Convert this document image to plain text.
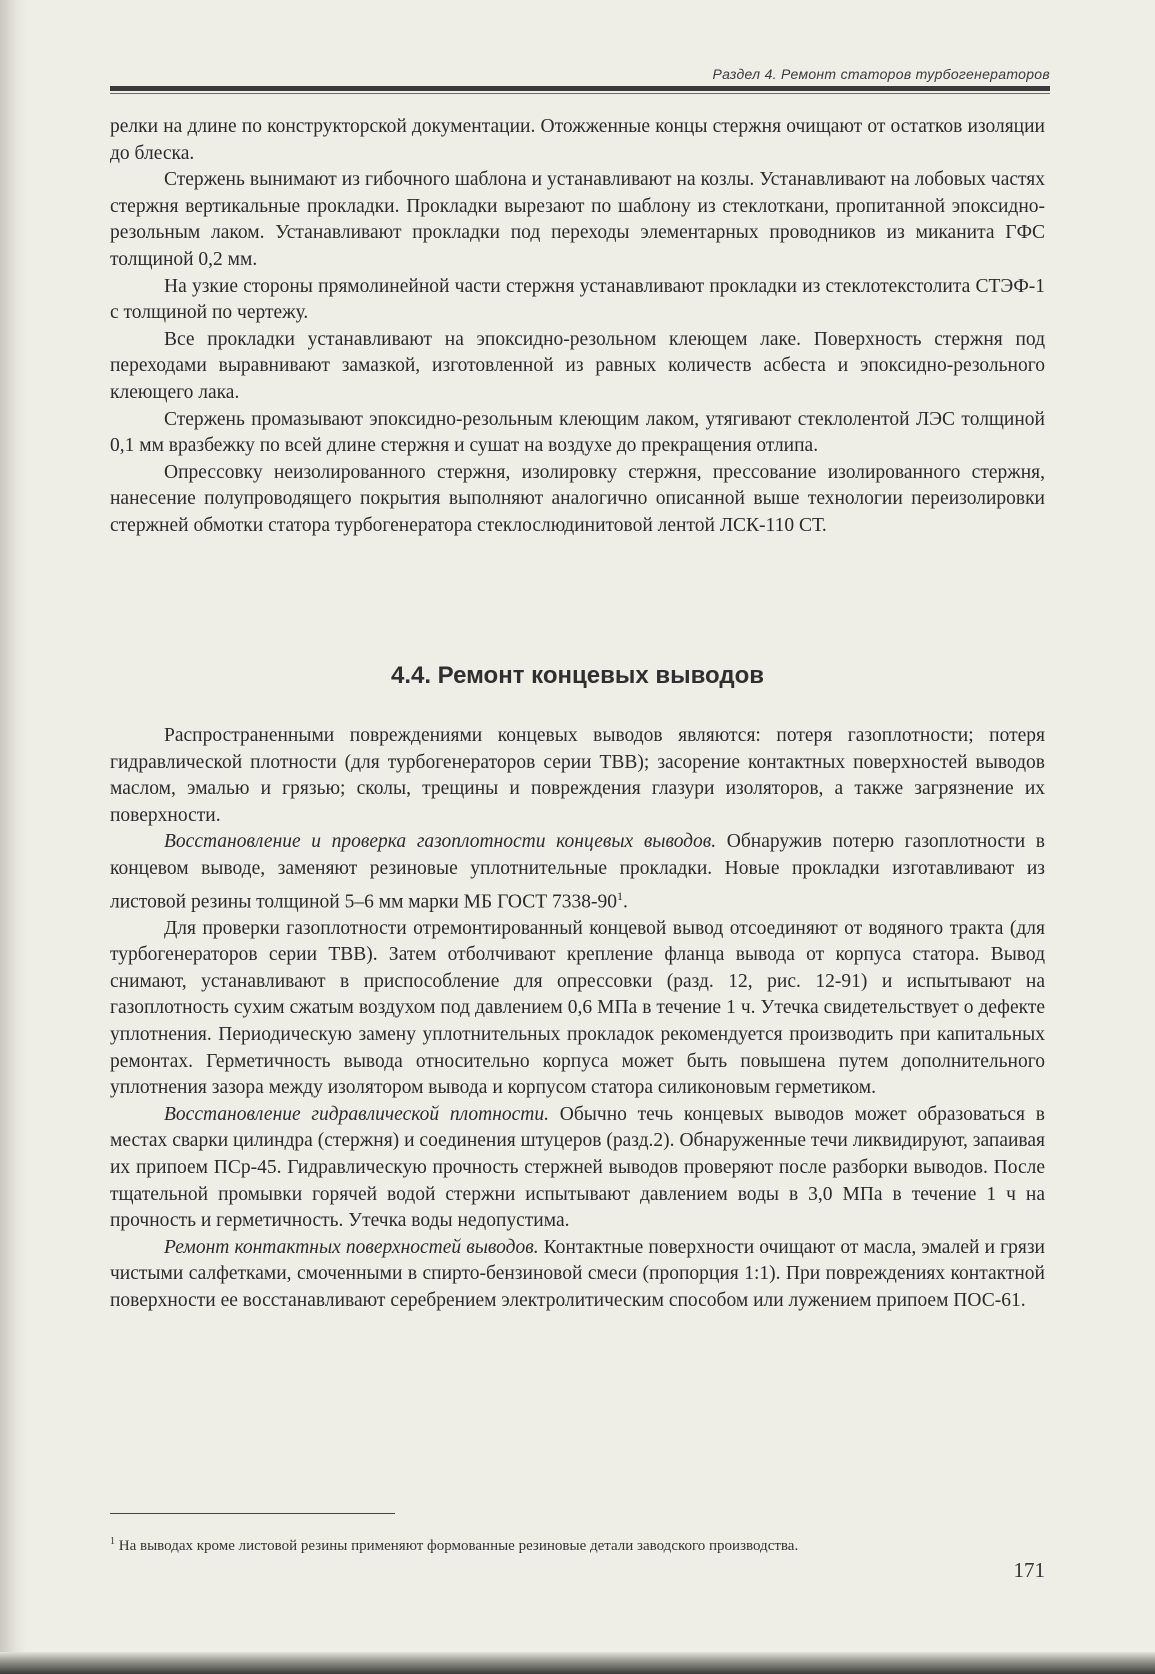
Раздел 4. Ремонт статоров турбогенераторов

релки на длине по конструкторской документации. Отожженные концы стержня очищают от остатков изоляции до блеска.

Стержень вынимают из гибочного шаблона и устанавливают на козлы. Устанавливают на лобовых частях стержня вертикальные прокладки. Прокладки вырезают по шаблону из стеклоткани, пропитанной эпоксидно-резольным лаком. Устанавливают прокладки под переходы элементарных проводников из миканита ГФС толщиной 0,2 мм.

На узкие стороны прямолинейной части стержня устанавливают прокладки из стеклотекстолита СТЭФ-1 с толщиной по чертежу.

Все прокладки устанавливают на эпоксидно-резольном клеющем лаке. Поверхность стержня под переходами выравнивают замазкой, изготовленной из равных количеств асбеста и эпоксидно-резольного клеющего лака.

Стержень промазывают эпоксидно-резольным клеющим лаком, утягивают стеклолентой ЛЭС толщиной 0,1 мм вразбежку по всей длине стержня и сушат на воздухе до прекращения отлипа.

Опрессовку неизолированного стержня, изолировку стержня, прессование изолированного стержня, нанесение полупроводящего покрытия выполняют аналогично описанной выше технологии переизолировки стержней обмотки статора турбогенератора стеклослюдинитовой лентой ЛСК-110 СТ.

4.4. Ремонт концевых выводов

Распространенными повреждениями концевых выводов являются: потеря газоплотности; потеря гидравлической плотности (для турбогенераторов серии ТВВ); засорение контактных поверхностей выводов маслом, эмалью и грязью; сколы, трещины и повреждения глазури изоляторов, а также загрязнение их поверхности.

Восстановление и проверка газоплотности концевых выводов. Обнаружив потерю газоплотности в концевом выводе, заменяют резиновые уплотнительные прокладки. Новые прокладки изготавливают из листовой резины толщиной 5–6 мм марки МБ ГОСТ $7338-90^1$.

Для проверки газоплотности отремонтированный концевой вывод отсоединяют от водяного тракта (для турбогенераторов серии ТВВ). Затем отболчивают крепление фланца вывода от корпуса статора. Вывод снимают, устанавливают в приспособление для опрессовки (разд. 12, рис. 12-91) и испытывают на газоплотность сухим сжатым воздухом под давлением 0,6 МПа в течение 1 ч. Утечка свидетельствует о дефекте уплотнения. Периодическую замену уплотнительных прокладок рекомендуется производить при капитальных ремонтах. Герметичность вывода относительно корпуса может быть повышена путем дополнительного уплотнения зазора между изолятором вывода и корпусом статора силиконовым герметиком.

Восстановление гидравлической плотности. Обычно течь концевых выводов может образоваться в местах сварки цилиндра (стержня) и соединения штуцеров (разд.2). Обнаруженные течи ликвидируют, запаивая их припоем ПСр-45. Гидравлическую прочность стержней выводов проверяют после разборки выводов. После тщательной промывки горячей водой стержни испытывают давлением воды в 3,0 МПа в течение 1 ч на прочность и герметичность. Утечка воды недопустима.

Ремонт контактных поверхностей выводов. Контактные поверхности очищают от масла, эмалей и грязи чистыми салфетками, смоченными в спирто-бензиновой смеси (пропорция 1:1). При повреждениях контактной поверхности ее восстанавливают серебрением электролитическим способом или лужением припоем ПОС-61.

$^1$ На выводах кроме листовой резины применяют формованные резиновые детали заводского производства.
171
